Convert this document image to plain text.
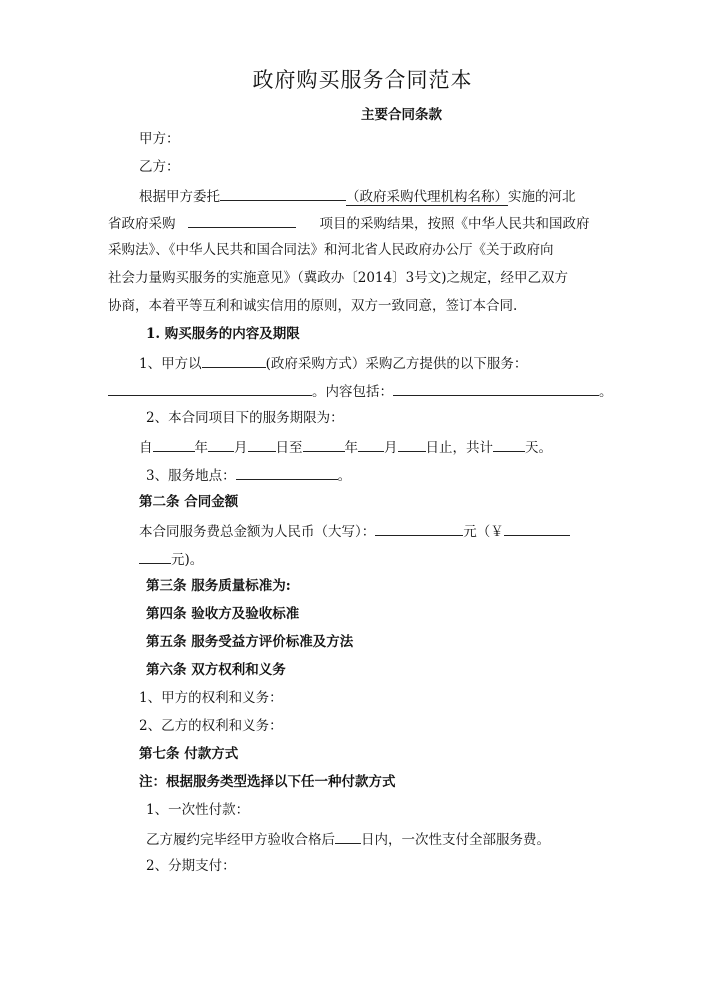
政府购买服务合同范本
主要合同条款
甲方：
乙方：
根据甲方委托	（政府采购代理机构名称）实施的河北
省政府采购	项目的采购结果，按照《中华人民共和国政府
采购法》、《中华人民共和国合同法》和河北省人民政府办公厅《关于政府向
社会力量购买服务的实施意见》（冀政办〔2014〕3号文)之规定，经甲乙双方
协商，本着平等互利和诚实信用的原则，双方一致同意，签订本合同.
1. 购买服务的内容及期限
1、甲方以	(政府采购方式）采购乙方提供的以下服务：
。内容包括：	。
2、本合同项目下的服务期限为：
自	年 月 日至	年 月 日止，共计 天。
3、服务地点：	。
第二条 合同金额
本合同服务费总金额为人民币（大写）：	元（￥
元)。
第三条 服务质量标准为:
第四条 验收方及验收标准
第五条 服务受益方评价标准及方法
第六条 双方权利和义务
1、甲方的权利和义务：
2、乙方的权利和义务：
第七条 付款方式
注：根据服务类型选择以下任一种付款方式
1、一次性付款：
乙方履约完毕经甲方验收合格后 日内，一次性支付全部服务费。
2、分期支付：
